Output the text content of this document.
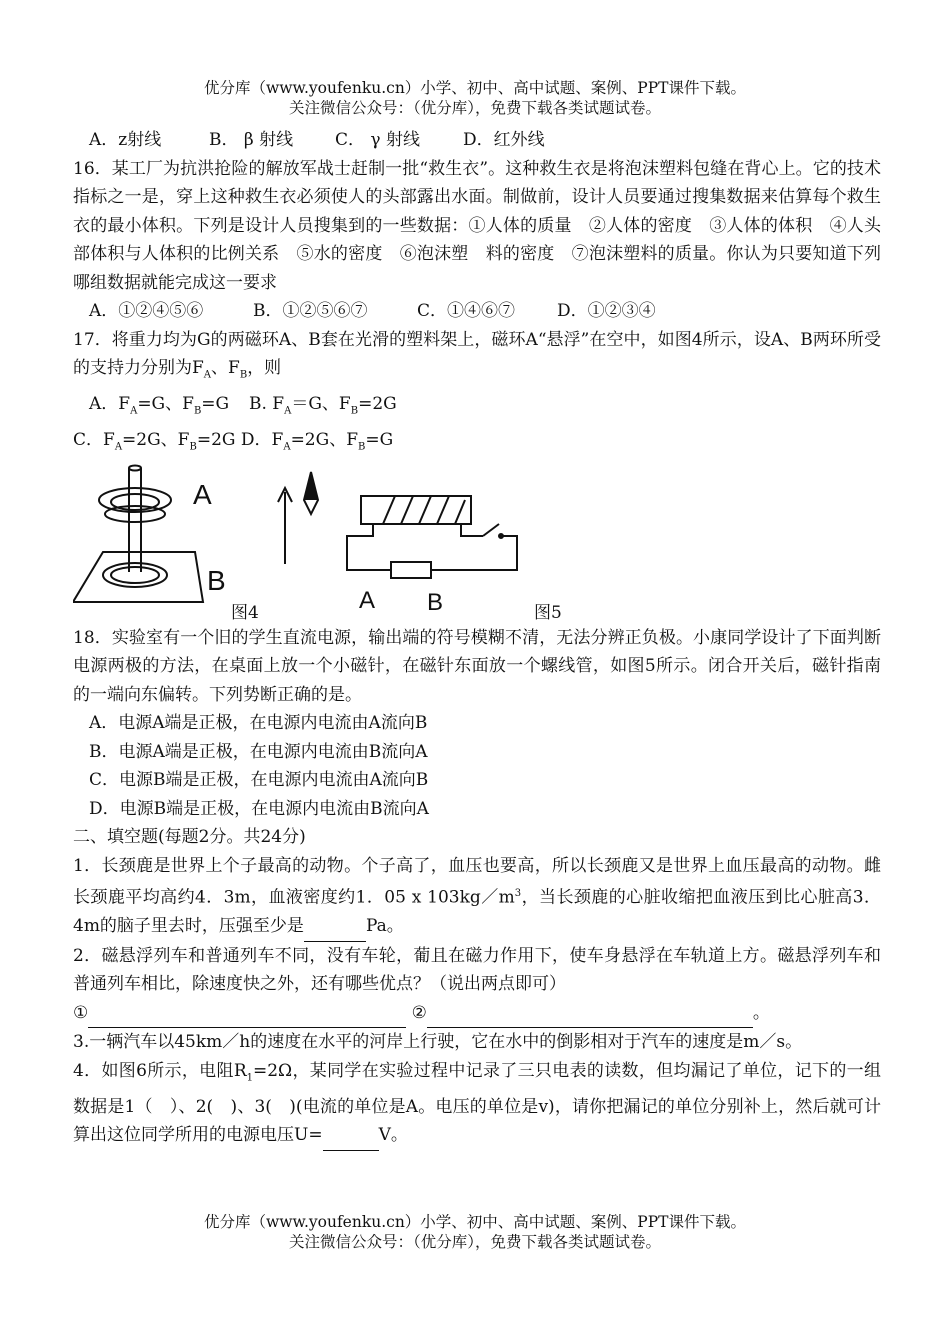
优分库（www.youfenku.cn）小学、初中、高中试题、案例、PPT课件下载。
关注微信公众号：（优分库），免费下载各类试题试卷。
A．z射线	B． β 射线 C． γ 射线	D．红外线
16．某工厂为抗洪抢险的解放军战士赶制一批“救生衣”。这种救生衣是将泡沫塑料包缝在背心上。它的技术指标之一是，穿上这种救生衣必须使人的头部露出水面。制做前，设计人员要通过搜集数据来估算每个救生衣的最小体积。下列是设计人员搜集到的一些数据：①人体的质量　②人体的密度　③人体的体积　④人头部体积与人体积的比例关系　⑤水的密度　⑥泡沫塑　料的密度　⑦泡沫塑料的质量。你认为只要知道下列哪组数据就能完成这一要求
A．①②④⑤⑥	B．①②⑤⑥⑦	C．①④⑥⑦ D．①②③④
17．将重力均为G的两磁环A、B套在光滑的塑料架上，磁环A“悬浮”在空中，如图4所示，设A、B两环所受的支持力分别为$F_A$、$F_B$，则
A．$F_A=G$、$F_B=G$ B. $F_A=G$、$F_B=2G$
C．$F_A=2G$、$F_B=2G$ D．$F_A=2G$、$F_B=G$
A
B
图4	A B	图5
18．实验室有一个旧的学生直流电源，输出端的符号模糊不清，无法分辨正负极。小康同学设计了下面判断电源两极的方法，在桌面上放一个小磁针，在磁针东面放一个螺线管，如图5所示。闭合开关后，磁针指南的一端向东偏转。下列势断正确的是。
A．电源A端是正极，在电源内电流由A流向B
B．电源A端是正极，在电源内电流由B流向A
C．电源B端是正极，在电源内电流由A流向B
D．电源B端是正极，在电源内电流由B流向A
二、填空题(每题2分。共24分)
1．长颈鹿是世界上个子最高的动物。个子高了，血压也要高，所以长颈鹿又是世界上血压最高的动物。雌长颈鹿平均高约4．3m，血液密度约1．05 x $103kg/m^3$，当长颈鹿的心脏收缩把血液压到比心脏高3．4m的脑子里去时，压强至少是	Pa。
2．磁悬浮列车和普通列车不同，没有车轮，葡且在磁力作用下，使车身悬浮在车轨道上方。磁悬浮列车和普通列车相比，除速度快之外，还有哪些优点？（说出两点即可）
①	②	。
3.一辆汽车以45km／h的速度在水平的河岸上行驶，它在水中的倒影相对于汽车的速度是m／s。
4．如图6所示，电阻$R_1=2\Omega$，某同学在实验过程中记录了三只电表的读数，但均漏记了单位，记下的一组数据是1（　）、2(　)、3(　)(电流的单位是A。电压的单位是v)，请你把漏记的单位分别补上，然后就可计算出这位同学所用的电源电压U=	V。
优分库（www.youfenku.cn）小学、初中、高中试题、案例、PPT课件下载。
关注微信公众号：（优分库），免费下载各类试题试卷。
